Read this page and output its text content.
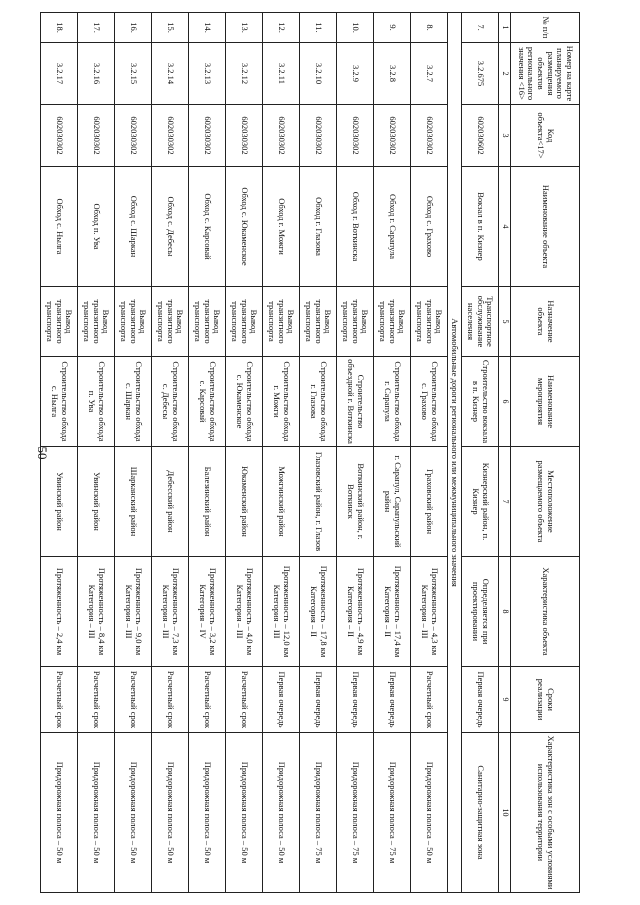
50
№ п/п	Номер на карте планируемого размещения объектов регионального значения <16>	Код объекта<17>	Наименование объекта	Назначение объекта	Наименование мероприятия	Местоположение размещаемого объекта	Характеристика объекта	Сроки реализации	Характеристика зон с особыми условиями использования территории
1	2	3	4	5	6	7	8	9	10
7.	3.2.675	602030602	Вокзал в п. Кизнер	Транспортное обслуживание населения	Строительство вокзала в п. Кизнер	Кизнерский район, п. Кизнер	Определяется при проектировании	Первая очередь	Санитарно-защитная зона
Автомобильные дороги регионального или межмуниципального значения									
8.	3.2.7	602030302	Обход с. Грахово	Вывод транзитного транспорта	Строительство обхода с. Грахово	Граховский район	Протяженность – 4,3 км Категория – III	Расчетный срок	Придорожная полоса – 50 м
9.	3.2.8	602030302	Обход г. Сарапула	Вывод транзитного транспорта	Строительство обхода г. Сарапула	г. Сарапул, Сарапульский район	Протяженность – 17,4 км Категория – II	Первая очередь	Придорожная полоса – 75 м
10.	3.2.9	602030302	Обход г. Воткинска	Вывод транзитного транспорта	Строительство объездной г. Воткинска	Воткинский район, г. Воткинск	Протяженность – 4,9 км Категория – II	Первая очередь	Придорожная полоса – 75 м
11.	3.2.10	602030302	Обход г. Глазова	Вывод транзитного транспорта	Строительство обхода г. Глазова	Глазовский район, г. Глазов	Протяженность – 17,8 км Категория – II	Первая очередь	Придорожная полоса – 75 м
12.	3.2.11	602030302	Обход г. Можги	Вывод транзитного транспорта	Строительство обхода г. Можги	Можгинский район	Протяженность – 12,0 км Категория – III	Первая очередь	Придорожная полоса – 50 м
13.	3.2.12	602030302	Обход с. Юкаменское	Вывод транзитного транспорта	Строительство обхода с. Юкаменское	Юкаменский район	Протяженность – 4,0 км Категория – III	Расчетный срок	Придорожная полоса – 50 м
14.	3.2.13	602030302	Обход с. Карсовай	Вывод транзитного транспорта	Строительство обхода с. Карсовай	Балезинский район	Протяженность – 3,2 км Категория – IV	Расчетный срок	Придорожная полоса – 50 м
15.	3.2.14	602030302	Обход с. Дебесы	Вывод транзитного транспорта	Строительство обхода с. Дебесы	Дебесский район	Протяженность – 7,3 км Категория – III	Расчетный срок	Придорожная полоса – 50 м
16.	3.2.15	602030302	Обход с. Шаркан	Вывод транзитного транспорта	Строительство обхода с. Шаркан	Шарканский район	Протяженность – 9,0 км Категория – III	Расчетный срок	Придорожная полоса – 50 м
17.	3.2.16	602030302	Обход п. Ува	Вывод транзитного транспорта	Строительство обхода п. Ува	Увинский район	Протяженность – 8,4 км Категория – III	Расчетный срок	Придорожная полоса – 50 м
18.	3.2.17	602030302	Обход с. Нылга	Вывод транзитного транспорта	Строительство обхода с. Нылга	Увинский район	Протяженность – 2,4 км	Расчетный срок	Придорожная полоса – 50 м
